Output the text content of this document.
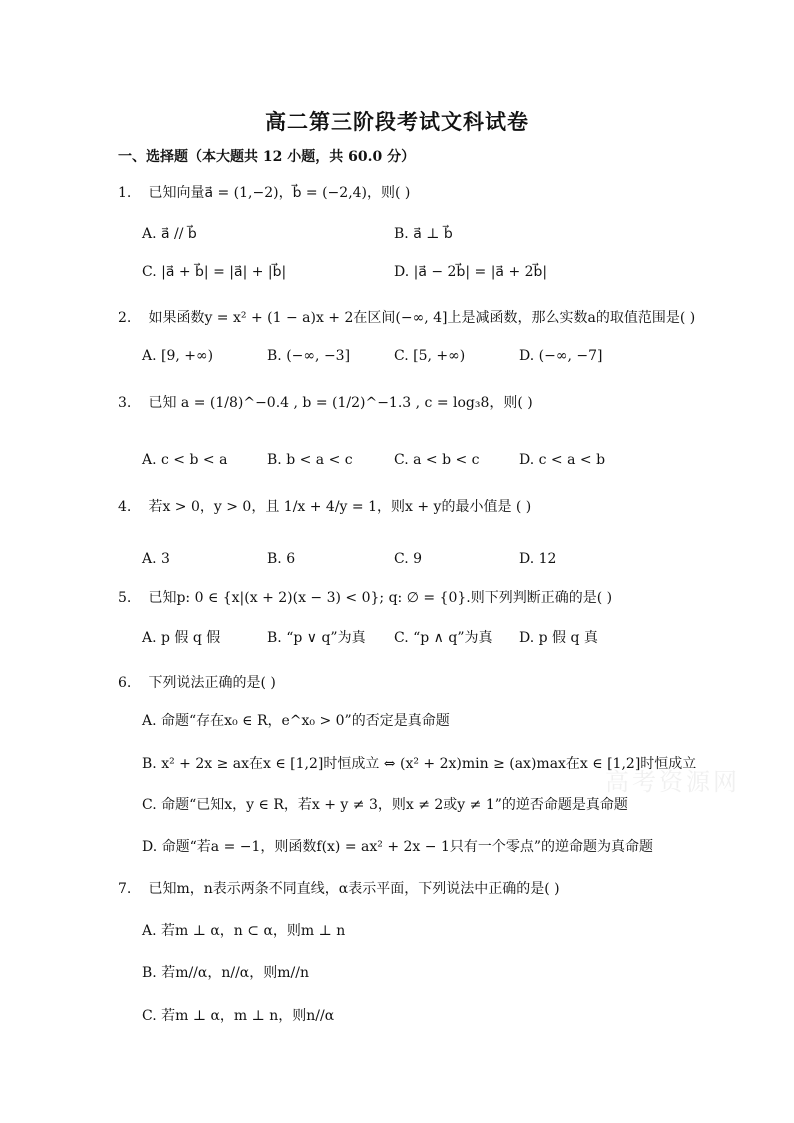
高二第三阶段考试文科试卷
一、选择题（本大题共 12 小题，共 60.0 分）
1. 已知向量a⃗ = (1,−2)，b⃗ = (−2,4)，则( )
A. a⃗ // b⃗	B. a⃗ ⊥ b⃗
C. |a⃗ + b⃗| = |a⃗| + |b⃗|	D. |a⃗ − 2b⃗| = |a⃗ + 2b⃗|
2. 如果函数y = x² + (1 − a)x + 2在区间(−∞, 4]上是减函数，那么实数a的取值范围是( )
A. [9, +∞)	B. (−∞, −3]	C. [5, +∞)	D. (−∞, −7]
3. 已知 a = (1/8)^−0.4 , b = (1/2)^−1.3 , c = log₃8，则( )
A. c < b < a	B. b < a < c	C. a < b < c	D. c < a < b
4. 若x > 0，y > 0，且 1/x + 4/y = 1，则x + y的最小值是 ( )
A. 3	B. 6	C. 9	D. 12
5. 已知p: 0 ∈ {x|(x + 2)(x − 3) < 0}; q: ∅ = {0}.则下列判断正确的是( )
A. p 假 q 假	B. “p ∨ q”为真 C. “p ∧ q”为真 D. p 假 q 真
6. 下列说法正确的是( )
A. 命题“存在x₀ ∈ R，e^x₀ > 0”的否定是真命题
B. x² + 2x ≥ ax在x ∈ [1,2]时恒成立 ⇔ (x² + 2x)min ≥ (ax)max在x ∈ [1,2]时恒成立
C. 命题“已知x，y ∈ R，若x + y ≠ 3，则x ≠ 2或y ≠ 1”的逆否命题是真命题
D. 命题“若a = −1，则函数f(x) = ax² + 2x − 1只有一个零点”的逆命题为真命题
7. 已知m，n表示两条不同直线，α表示平面，下列说法中正确的是( )
A. 若m ⊥ α，n ⊂ α，则m ⊥ n
B. 若m//α，n//α，则m//n
C. 若m ⊥ α，m ⊥ n，则n//α
高考资源网
